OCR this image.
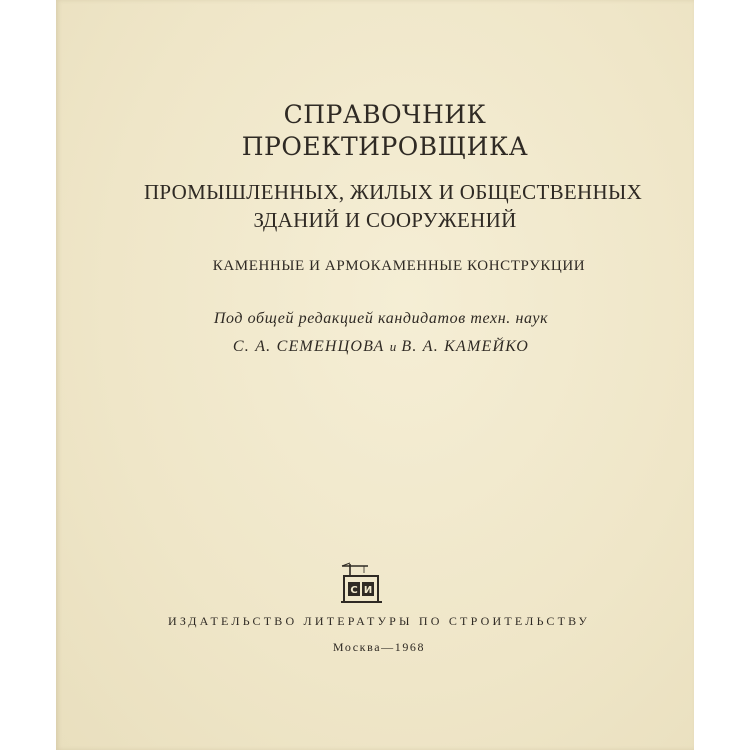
СПРАВОЧНИК
ПРОЕКТИРОВЩИКА
ПРОМЫШЛЕННЫХ, ЖИЛЫХ И ОБЩЕСТВЕННЫХ
ЗДАНИЙ И СООРУЖЕНИЙ
КАМЕННЫЕ И АРМОКАМЕННЫЕ КОНСТРУКЦИИ
Под общей редакцией кандидатов техн. наук
С. А. СЕМЕНЦОВА и В. А. КАМЕЙКО
С И
ИЗДАТЕЛЬСТВО ЛИТЕРАТУРЫ ПО СТРОИТЕЛЬСТВУ
Москва—1968
